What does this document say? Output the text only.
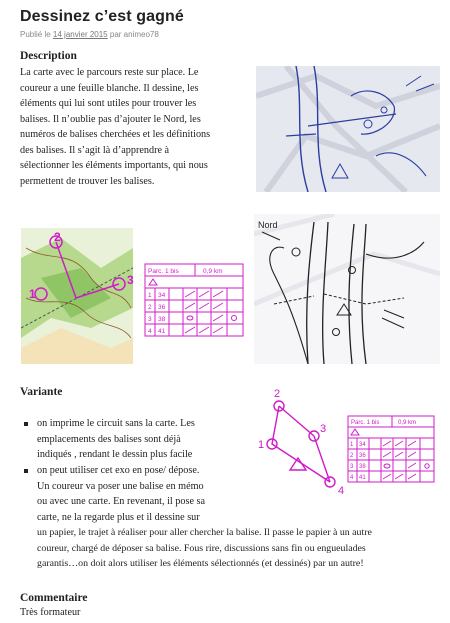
Dessinez c’est gagné
Publié le 14 janvier 2015 par animeo78
Description
La carte avec le parcours reste sur place. Le
coureur a une feuille blanche. Il dessine, les
éléments qui lui sont utiles pour trouver les
balises. Il n’oublie pas d’ajouter le Nord, les
numéros de balises cherchées et les définitions
des balises. Il s’agit là d’apprendre à
sélectionner les éléments importants, qui nous
permettent de trouver les balises.
2
1
3
Parc. 1 bis	0,9 km
1 34
2 36
3 38
4 41
Nord
Variante
on imprime le circuit sans la carte. Les
emplacements des balises sont déjà
indiqués , rendant le dessin plus facile
on peut utiliser cet exo en pose/ dépose.
Un coureur va poser une balise en mémo
ou avec une carte. En revenant, il pose sa
carte, ne la regarde plus et il dessine sur
un papier, le trajet à réaliser pour aller chercher la balise. Il passe le papier à un autre
coureur, chargé de déposer sa balise. Fous rire, discussions sans fin ou engueulades
garantis…on doit alors utiliser les éléments sélectionnés (et dessinés) par un autre!
2
1
3
4
Parc. 1 bis	0,9 km
1 34
2 36
3 38
4 41
Commentaire
Très formateur
